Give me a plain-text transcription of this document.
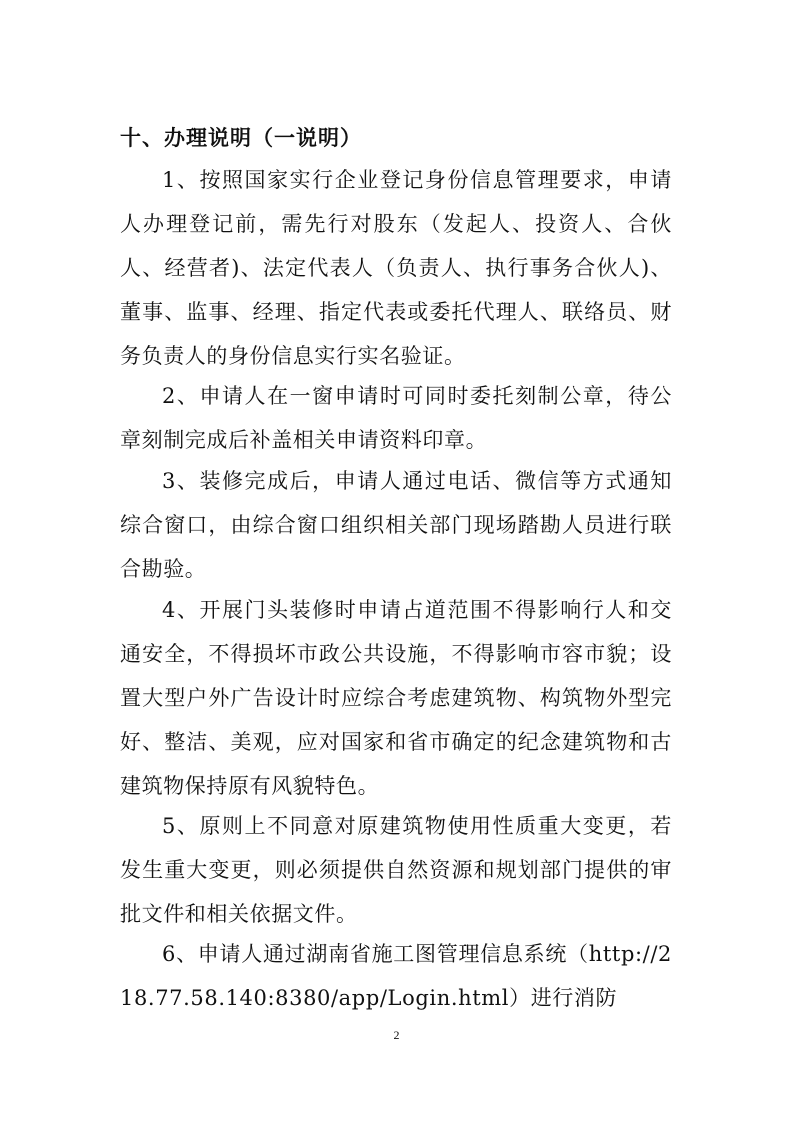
十、办理说明（一说明）
1、按照国家实行企业登记身份信息管理要求，申请人办理登记前，需先行对股东（发起人、投资人、合伙人、经营者)、法定代表人（负责人、执行事务合伙人)、董事、监事、经理、指定代表或委托代理人、联络员、财务负责人的身份信息实行实名验证。
2、申请人在一窗申请时可同时委托刻制公章，待公章刻制完成后补盖相关申请资料印章。
3、装修完成后，申请人通过电话、微信等方式通知综合窗口，由综合窗口组织相关部门现场踏勘人员进行联合勘验。
4、开展门头装修时申请占道范围不得影响行人和交通安全，不得损坏市政公共设施，不得影响市容市貌；设置大型户外广告设计时应综合考虑建筑物、构筑物外型完好、整洁、美观，应对国家和省市确定的纪念建筑物和古建筑物保持原有风貌特色。
5、原则上不同意对原建筑物使用性质重大变更，若发生重大变更，则必须提供自然资源和规划部门提供的审批文件和相关依据文件。
6、申请人通过湖南省施工图管理信息系统（http://218.77.58.140:8380/app/Login.html）进行消防
2
